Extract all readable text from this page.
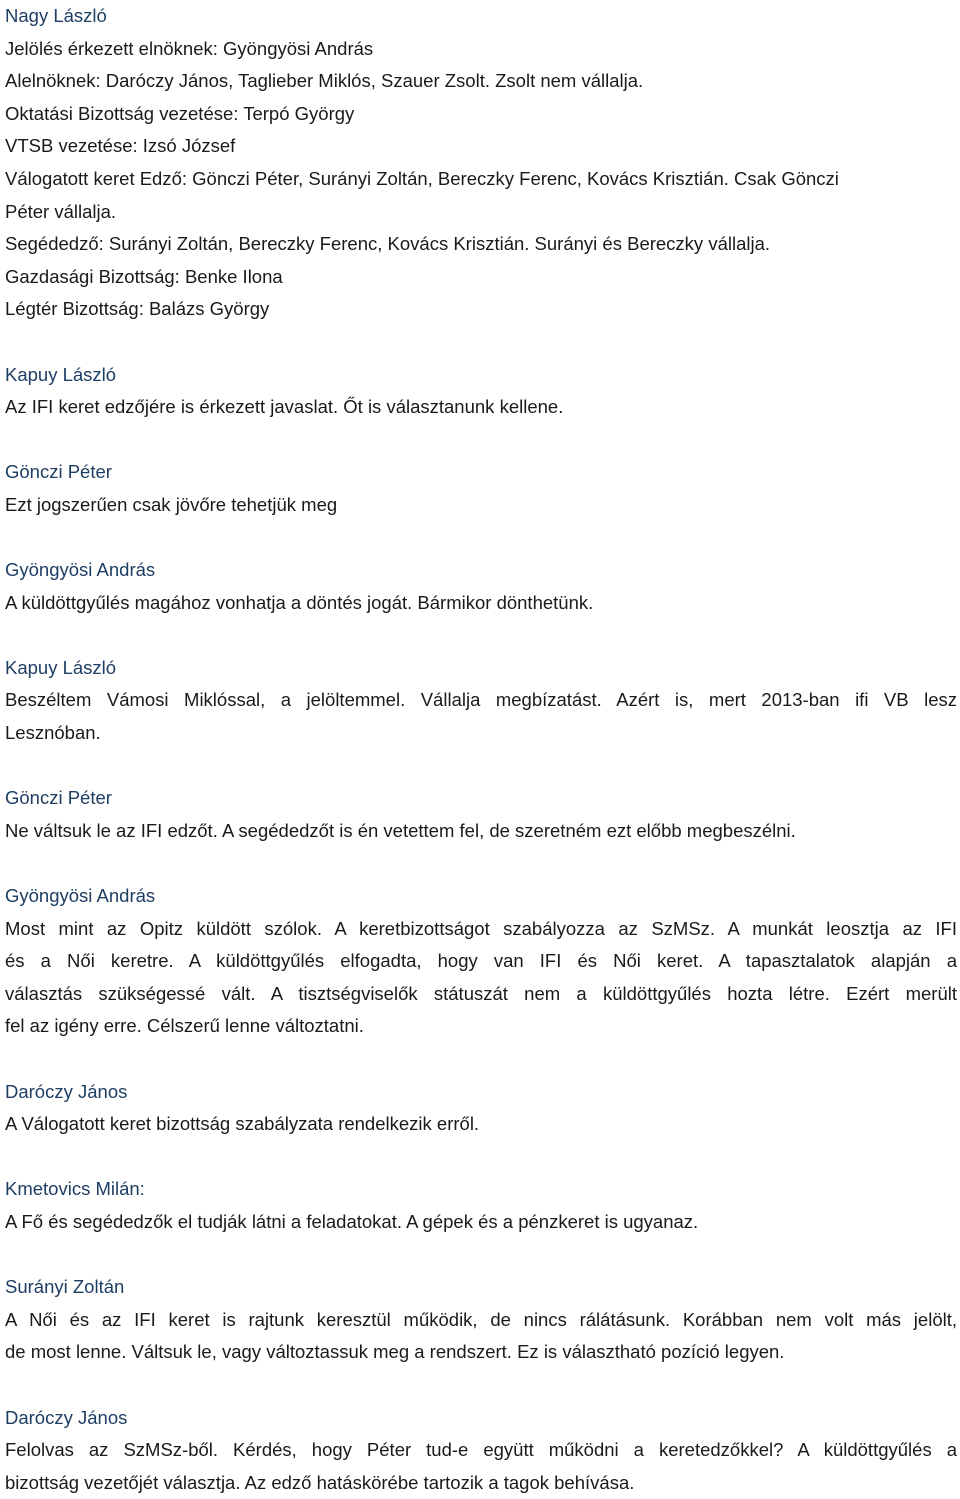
Nagy László
Jelölés érkezett elnöknek: Gyöngyösi András
Alelnöknek: Daróczy János, Taglieber Miklós, Szauer Zsolt. Zsolt nem vállalja.
Oktatási Bizottság vezetése: Terpó György
VTSB vezetése: Izsó József
Válogatott keret Edző: Gönczi Péter, Surányi Zoltán, Bereczky Ferenc, Kovács Krisztián. Csak Gönczi
Péter vállalja.
Segédedző: Surányi Zoltán, Bereczky Ferenc, Kovács Krisztián. Surányi és Bereczky vállalja.
Gazdasági Bizottság: Benke Ilona
Légtér Bizottság: Balázs György
Kapuy László
Az IFI keret edzőjére is érkezett javaslat. Őt is választanunk kellene.
Gönczi Péter
Ezt jogszerűen csak jövőre tehetjük meg
Gyöngyösi András
A küldöttgyűlés magához vonhatja a döntés jogát. Bármikor dönthetünk.
Kapuy László
Beszéltem Vámosi Miklóssal, a jelöltemmel. Vállalja megbízatást. Azért is, mert 2013-ban ifi VB lesz
Lesznóban.
Gönczi Péter
Ne váltsuk le az IFI edzőt. A segédedzőt is én vetettem fel, de szeretném ezt előbb megbeszélni.
Gyöngyösi András
Most mint az Opitz küldött szólok. A keretbizottságot szabályozza az SzMSz. A munkát leosztja az IFI
és a Női keretre. A küldöttgyűlés elfogadta, hogy van IFI és Női keret. A tapasztalatok alapján a
választás szükségessé vált. A tisztségviselők státuszát nem a küldöttgyűlés hozta létre. Ezért merült
fel az igény erre. Célszerű lenne változtatni.
Daróczy János
A Válogatott keret bizottság szabályzata rendelkezik erről.
Kmetovics Milán:
A Fő és segédedzők el tudják látni a feladatokat. A gépek és a pénzkeret is ugyanaz.
Surányi Zoltán
A Női és az IFI keret is rajtunk keresztül működik, de nincs rálátásunk. Korábban nem volt más jelölt,
de most lenne. Váltsuk le, vagy változtassuk meg a rendszert. Ez is választható pozíció legyen.
Daróczy János
Felolvas az SzMSz-ből. Kérdés, hogy Péter tud-e együtt működni a keretedzőkkel? A küldöttgyűlés a
bizottság vezetőjét választja. Az edző hatáskörébe tartozik a tagok behívása.
